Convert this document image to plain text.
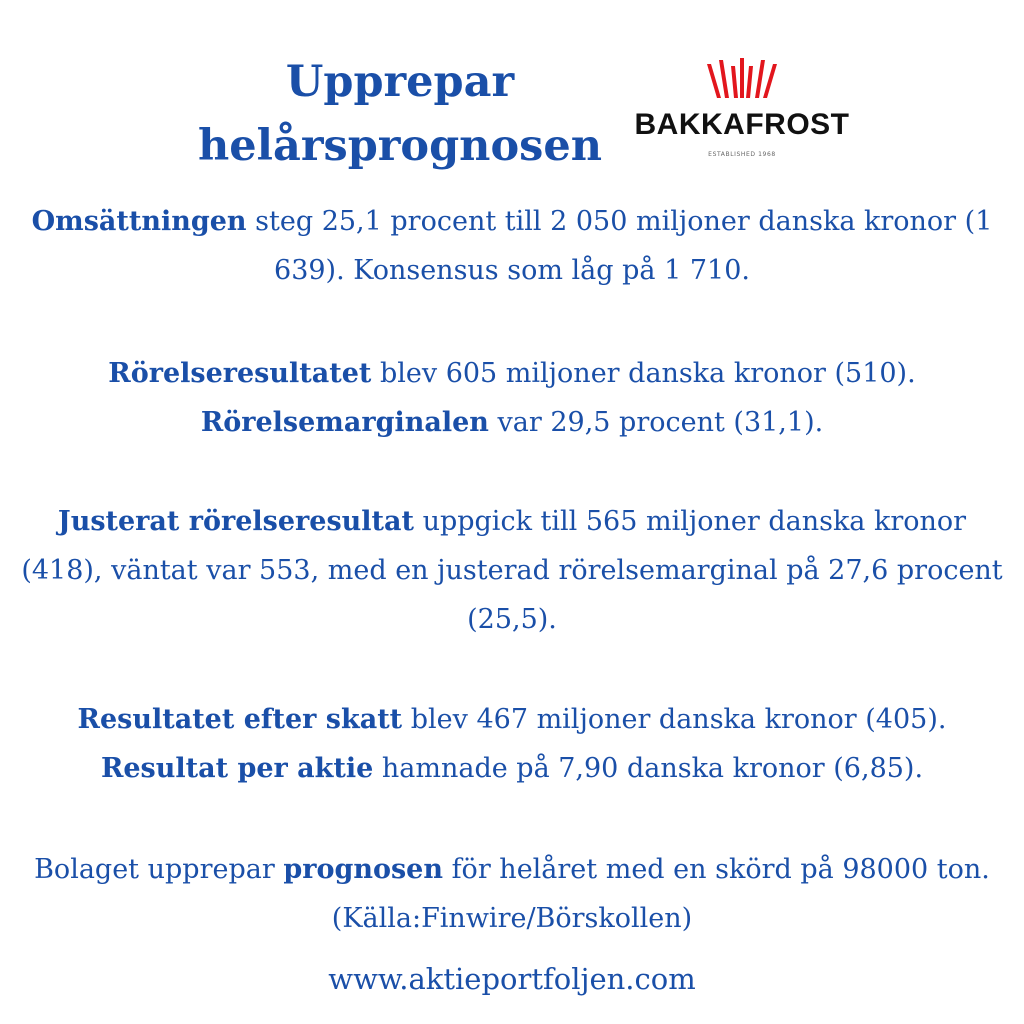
Upprepar
helårsprognosen	BAKKAFROST
ESTABLISHED 1968

Omsättningen steg 25,1 procent till 2 050 miljoner danska kronor (1 639). Konsensus som låg på 1 710.

Rörelseresultatet blev 605 miljoner danska kronor (510).
Rörelsemarginalen var 29,5 procent (31,1).

Justerat rörelseresultat uppgick till 565 miljoner danska kronor (418), väntat var 553, med en justerad rörelsemarginal på 27,6 procent (25,5).

Resultatet efter skatt blev 467 miljoner danska kronor (405).
Resultat per aktie hamnade på 7,90 danska kronor (6,85).

Bolaget upprepar prognosen för helåret med en skörd på 98000 ton. (Källa:Finwire/Börskollen)

www.aktieportfoljen.com
